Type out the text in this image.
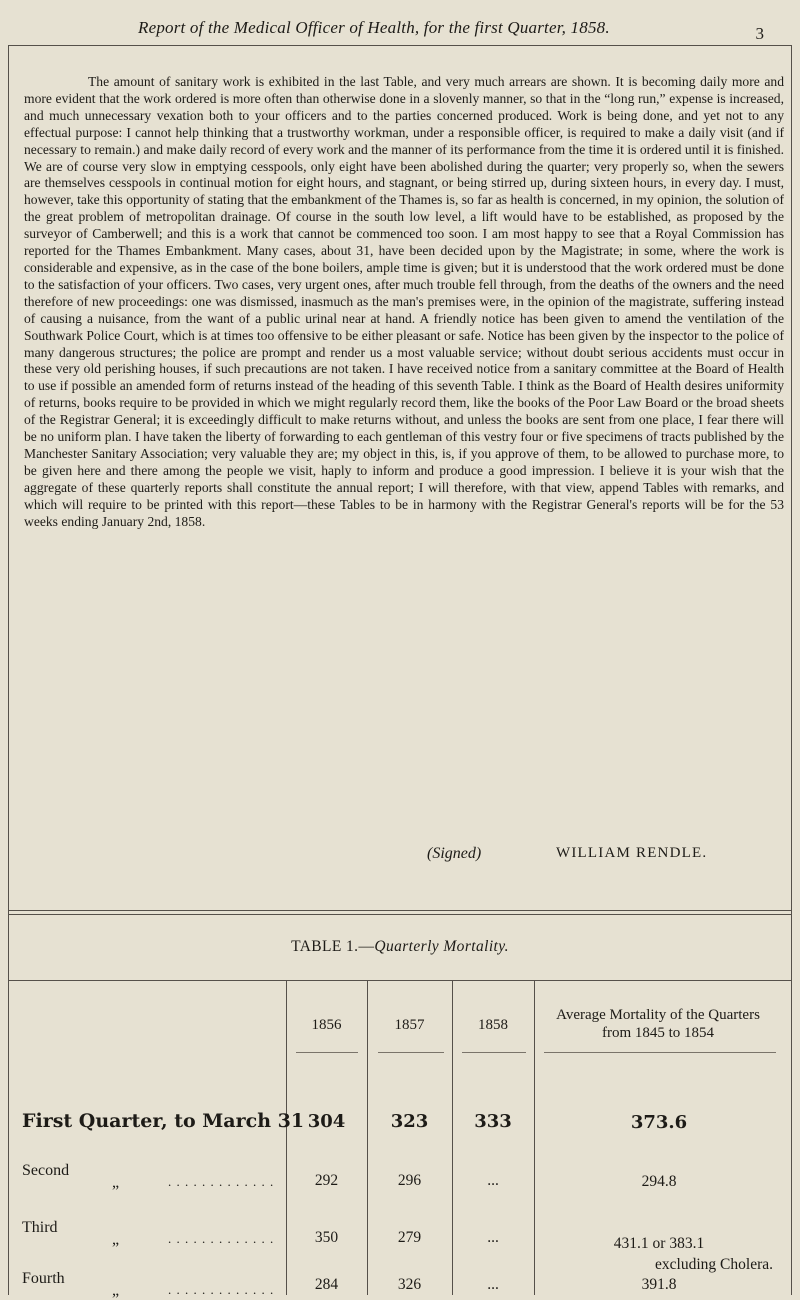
Report of the Medical Officer of Health, for the first Quarter, 1858.	3

The amount of sanitary work is exhibited in the last Table, and very much arrears are shown. It is becoming daily more and more evident that the work ordered is more often than otherwise done in a slovenly manner, so that in the “long run,” expense is increased, and much unnecessary vexation both to your officers and to the parties concerned produced. Work is being done, and yet not to any effectual purpose: I cannot help thinking that a trustworthy workman, under a responsible officer, is required to make a daily visit (and if necessary to remain.) and make daily record of every work and the manner of its performance from the time it is ordered until it is finished. We are of course very slow in emptying cesspools, only eight have been abolished during the quarter; very properly so, when the sewers are themselves cesspools in continual motion for eight hours, and stagnant, or being stirred up, during sixteen hours, in every day. I must, however, take this opportunity of stating that the embankment of the Thames is, so far as health is concerned, in my opinion, the solution of the great problem of metropolitan drainage. Of course in the south low level, a lift would have to be established, as proposed by the surveyor of Camberwell; and this is a work that cannot be commenced too soon. I am most happy to see that a Royal Commission has reported for the Thames Embankment. Many cases, about 31, have been decided upon by the Magistrate; in some, where the work is considerable and expensive, as in the case of the bone boilers, ample time is given; but it is understood that the work ordered must be done to the satisfaction of your officers. Two cases, very urgent ones, after much trouble fell through, from the deaths of the owners and the need therefore of new proceedings: one was dismissed, inasmuch as the man's premises were, in the opinion of the magistrate, suffering instead of causing a nuisance, from the want of a public urinal near at hand. A friendly notice has been given to amend the ventilation of the Southwark Police Court, which is at times too offensive to be either pleasant or safe. Notice has been given by the inspector to the police of many dangerous structures; the police are prompt and render us a most valuable service; without doubt serious accidents must occur in these very old perishing houses, if such precautions are not taken. I have received notice from a sanitary committee at the Board of Health to use if possible an amended form of returns instead of the heading of this seventh Table. I think as the Board of Health desires uniformity of returns, books require to be provided in which we might regularly record them, like the books of the Poor Law Board or the broad sheets of the Registrar General; it is exceedingly difficult to make returns without, and unless the books are sent from one place, I fear there will be no uniform plan. I have taken the liberty of forwarding to each gentleman of this vestry four or five specimens of tracts published by the Manchester Sanitary Association; very valuable they are; my object in this, is, if you approve of them, to be allowed to purchase more, to be given here and there among the people we visit, haply to inform and produce a good impression. I believe it is your wish that the aggregate of these quarterly reports shall constitute the annual report; I will therefore, with that view, append Tables with remarks, and which will require to be printed with this report—these Tables to be in harmony with the Registrar General's reports will be for the 53 weeks ending January 2nd, 1858.

(Signed)	WILLIAM RENDLE.
TABLE 1.—Quarterly Mortality.
1856	1857	1858
Average Mortality of the Quarters from 1845 to 1854
First Quarter, to March 31 304	323	333	373.6
Second
„	. . . . . . . . . . . . .	292	296	...	294.8
Third
„	. . . . . . . . . . . . .	350	279	...	431.1 or 383.1
excluding Cholera.
Fourth
„	. . . . . . . . . . . . .	284	326	...	391.8
